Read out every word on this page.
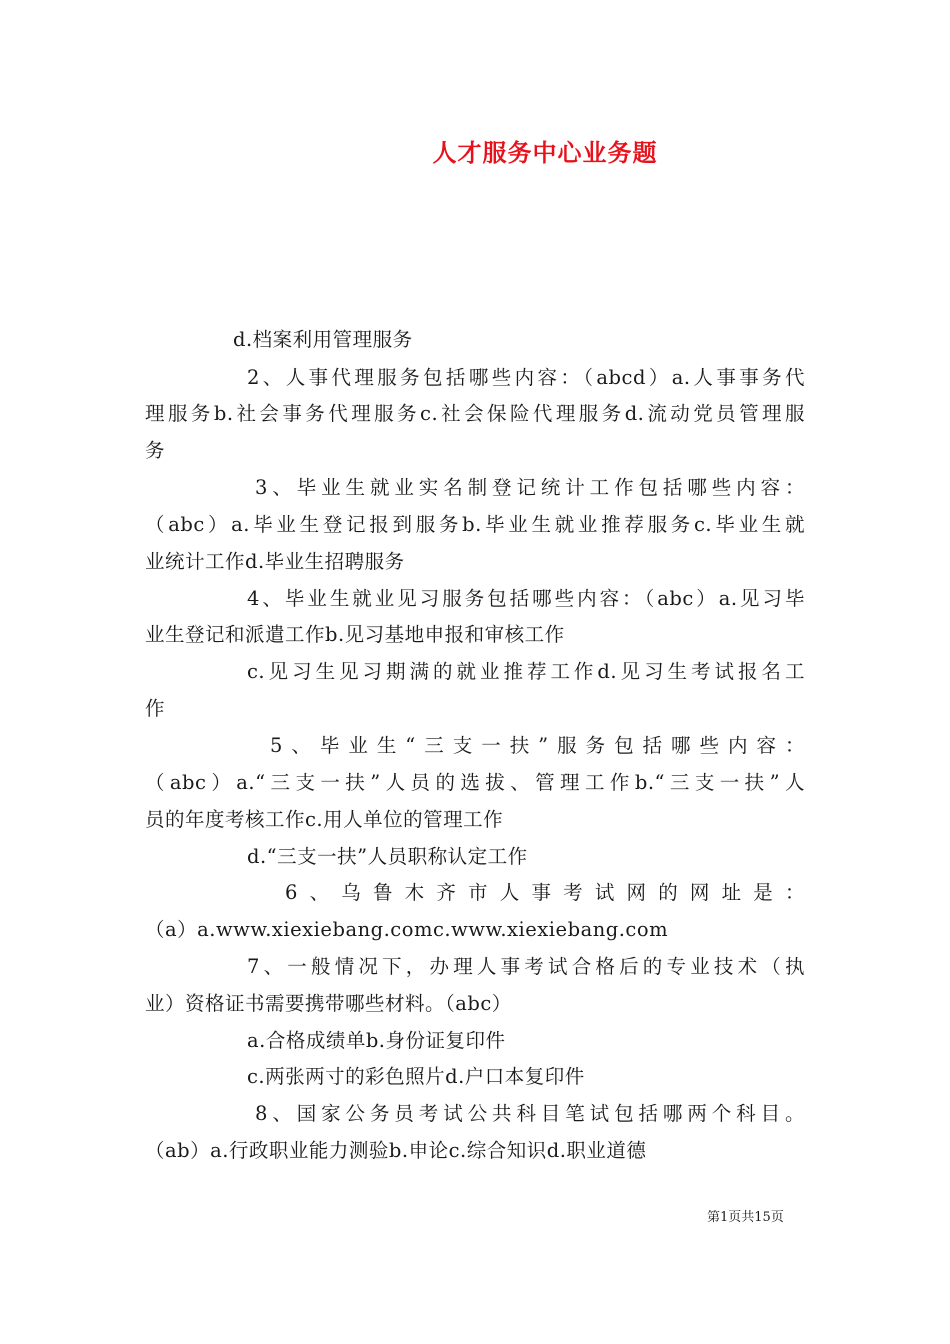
人才服务中心业务题
d.档案利用管理服务
2、人事代理服务包括哪些内容：（abcd）a.人事事务代
理服务b.社会事务代理服务c.社会保险代理服务d.流动党员管理服
务
3、毕业生就业实名制登记统计工作包括哪些内容：
（abc）a.毕业生登记报到服务b.毕业生就业推荐服务c.毕业生就
业统计工作d.毕业生招聘服务
4、毕业生就业见习服务包括哪些内容：（abc）a.见习毕
业生登记和派遣工作b.见习基地申报和审核工作
c.见习生见习期满的就业推荐工作d.见习生考试报名工
作
5、毕业生“三支一扶”服务包括哪些内容：
（abc）a.“三支一扶”人员的选拔、管理工作b.“三支一扶”人
员的年度考核工作c.用人单位的管理工作
d.“三支一扶”人员职称认定工作
6、乌鲁木齐市人事考试网的网址是：
（a）a.www.xiexiebang.comc.www.xiexiebang.com
7、一般情况下，办理人事考试合格后的专业技术（执
业）资格证书需要携带哪些材料。（abc）
a.合格成绩单b.身份证复印件
c.两张两寸的彩色照片d.户口本复印件
8、国家公务员考试公共科目笔试包括哪两个科目。
（ab）a.行政职业能力测验b.申论c.综合知识d.职业道德
第1页共15页
